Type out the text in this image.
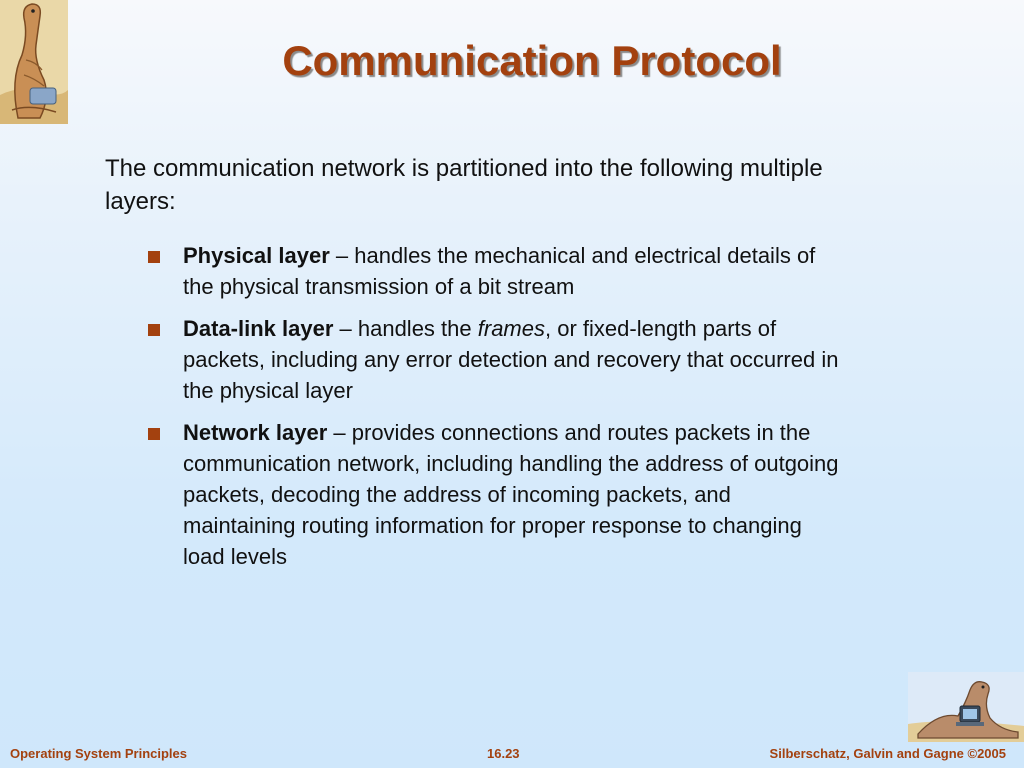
Communication Protocol

The communication network is partitioned into the following multiple layers:

Physical layer – handles the mechanical and electrical details of the physical transmission of a bit stream
Data-link layer – handles the frames, or fixed-length parts of packets, including any error detection and recovery that occurred in the physical layer
Network layer – provides connections and routes packets in the communication network, including handling the address of outgoing packets, decoding the address of incoming packets, and maintaining routing information for proper response to changing load levels

Operating System Principles	16.23	Silberschatz, Galvin and Gagne ©2005
